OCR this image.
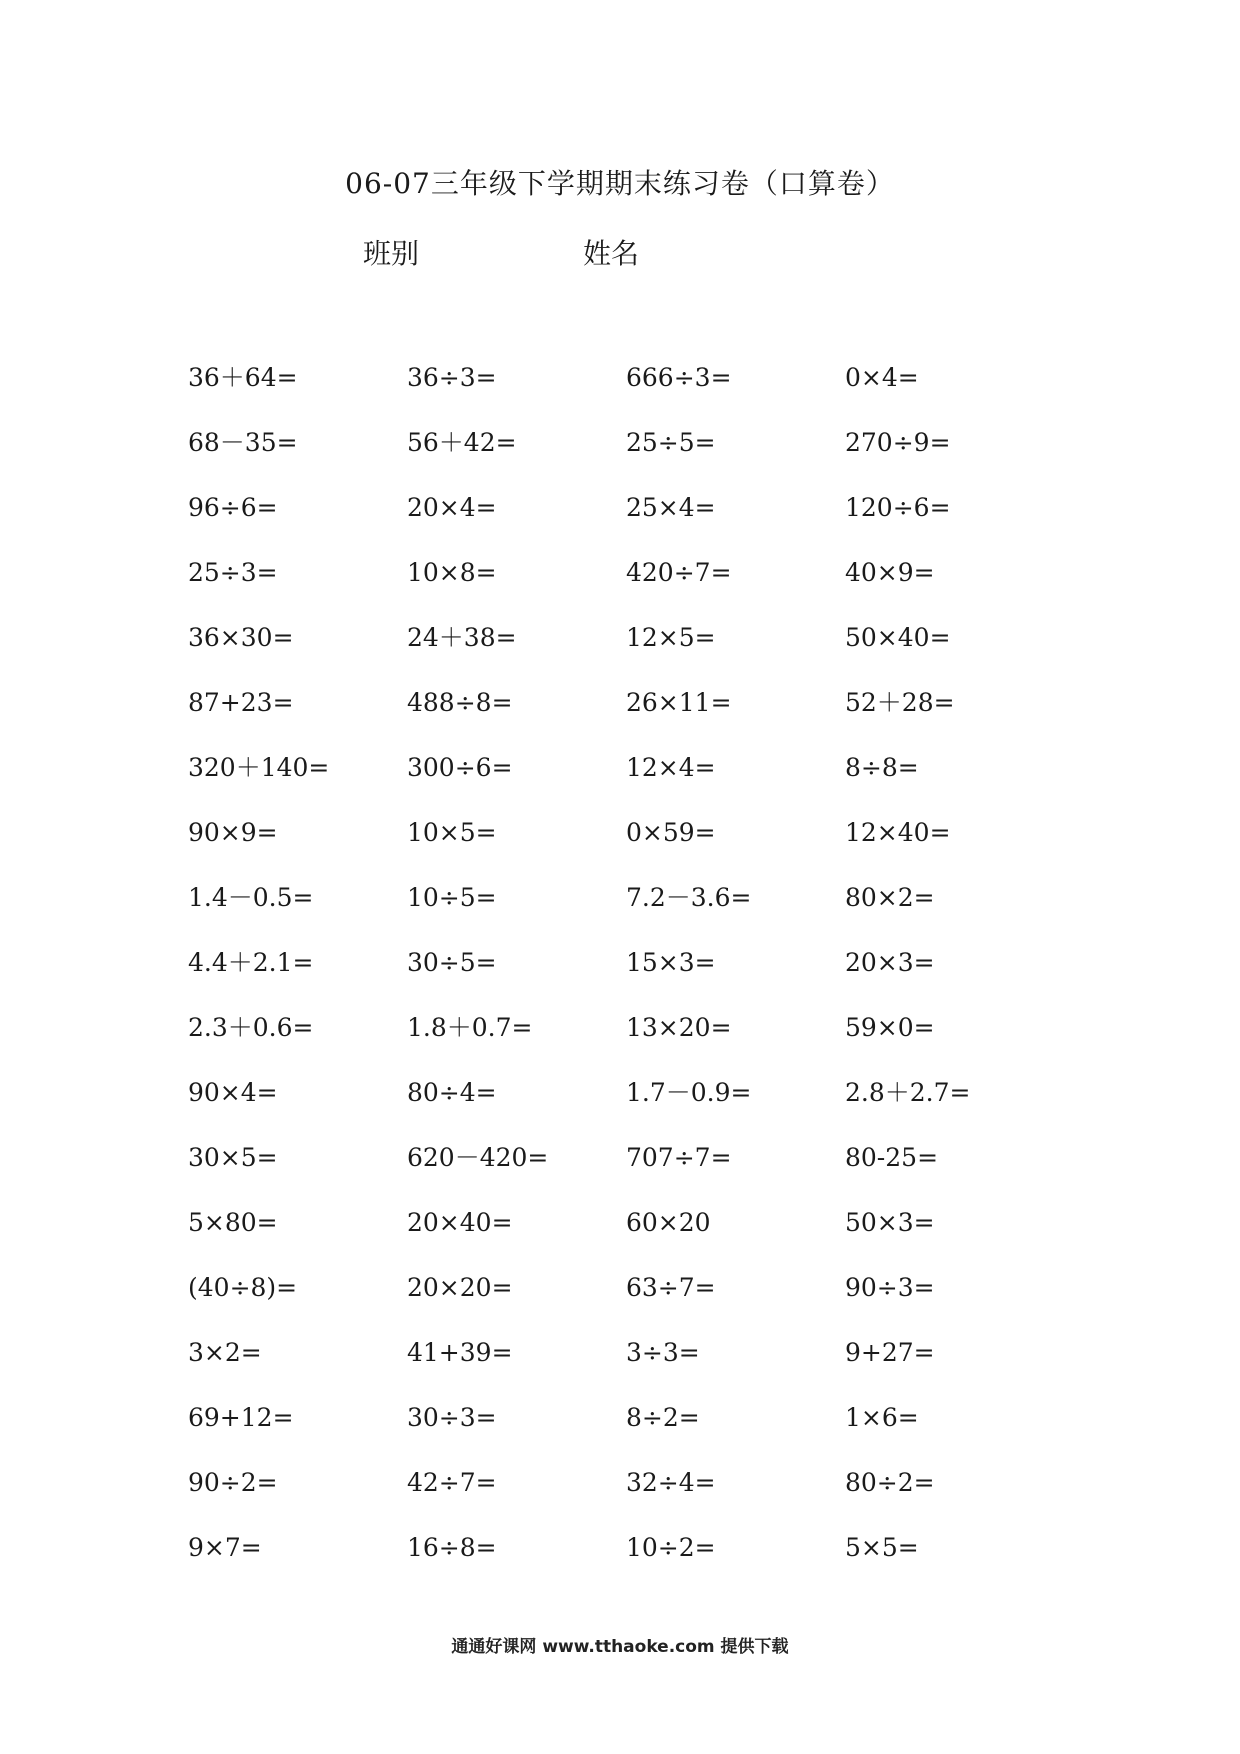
06-07三年级下学期期末练习卷（口算卷）
班别	姓名
36＋64=	36÷3=	666÷3=	0×4=
68－35=	56＋42=	25÷5=	270÷9=
96÷6=	20×4=	25×4=	120÷6=
25÷3=	10×8=	420÷7=	40×9=
36×30=	24＋38=	12×5=	50×40=
87+23=	488÷8=	26×11=	52＋28=
320＋140=	300÷6=	12×4=	8÷8=
90×9=	10×5=	0×59=	12×40=
1.4－0.5=	10÷5=	7.2－3.6=	80×2=
4.4＋2.1=	30÷5=	15×3=	20×3=
2.3＋0.6=	1.8＋0.7=	13×20=	59×0=
90×4=	80÷4=	1.7－0.9=	2.8＋2.7=
30×5=	620－420=	707÷7=	80-25=
5×80=	20×40=	60×20	50×3=
(40÷8)=	20×20=	63÷7=	90÷3=
3×2=	41+39=	3÷3=	9+27=
69+12=	30÷3=	8÷2=	1×6=
90÷2=	42÷7=	32÷4=	80÷2=
9×7=	16÷8=	10÷2=	5×5=
通通好课网 www.tthaoke.com 提供下载
